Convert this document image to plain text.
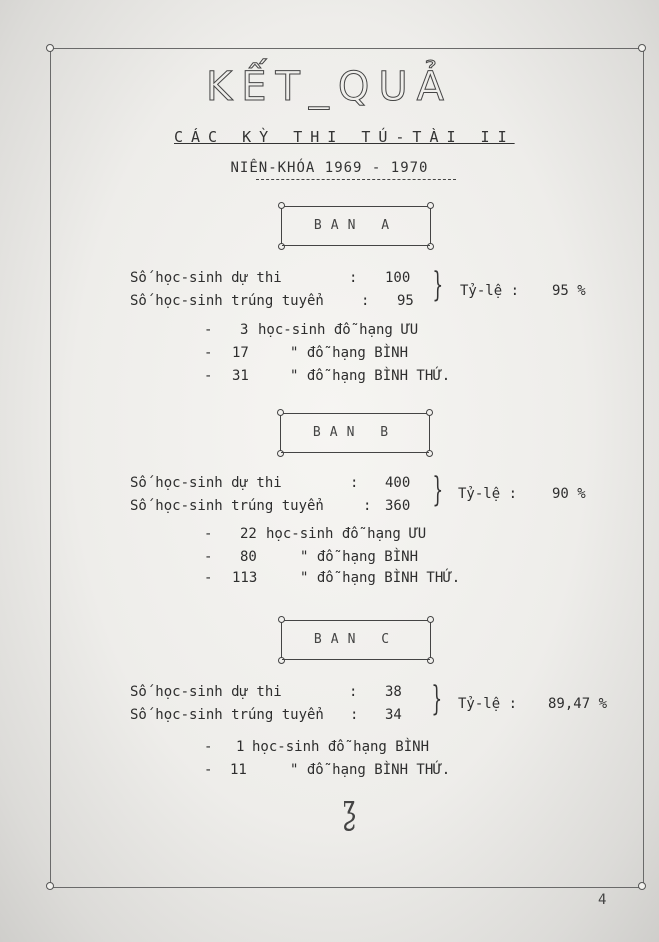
KẾT_QUẢ
CÁC KỲ THI TÚ-TÀI II
NIÊN-KHÓA 1969 - 1970
BAN A
Số học-sinh dự thi	: 100
Số học-sinh trúng tuyển	: 95 } Tỷ-lệ : 95 %
- 3 học-sinh đỗ hạng ƯU
- 17	" đỗ hạng BÌNH
- 31	" đỗ hạng BÌNH THỨ.
BAN B
Số học-sinh dự thi	: 400
Số học-sinh trúng tuyển	: 360 } Tỷ-lệ : 90 %
- 22 học-sinh đỗ hạng ƯU
- 80	" đỗ hạng BÌNH
- 113	" đỗ hạng BÌNH THỨ.
BAN C
Số học-sinh dự thi	: 38
Số học-sinh trúng tuyển : 34 } Tỷ-lệ : 89,47 %
- 1 học-sinh đỗ hạng BÌNH
- 11	" đỗ hạng BÌNH THỨ.
ƺ
4
